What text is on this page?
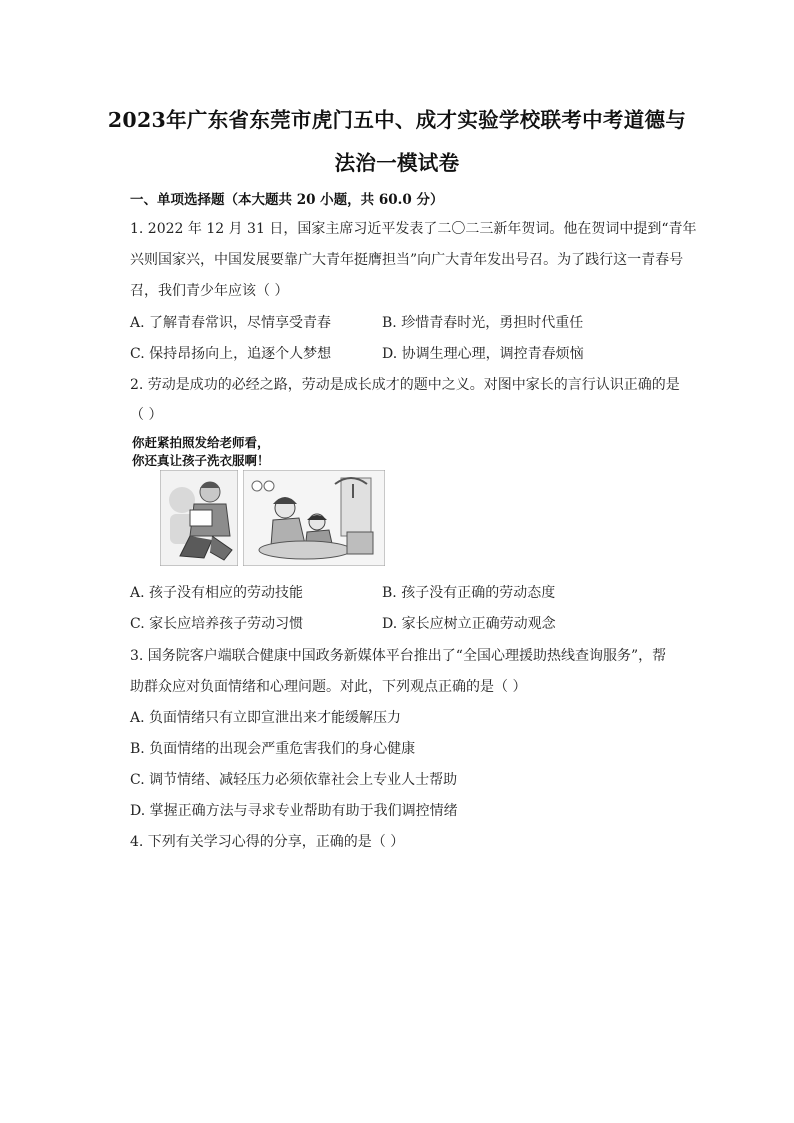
2023年广东省东莞市虎门五中、成才实验学校联考中考道德与
法治一模试卷
一、单项选择题（本大题共 20 小题，共 60.0 分）
1. 2022 年 12 月 31 日，国家主席习近平发表了二〇二三新年贺词。他在贺词中提到“青年
兴则国家兴，中国发展要靠广大青年挺膺担当”向广大青年发出号召。为了践行这一青春号
召，我们青少年应该（ ）
A. 了解青春常识，尽情享受青春	B. 珍惜青春时光，勇担时代重任
C. 保持昂扬向上，追逐个人梦想	D. 协调生理心理，调控青春烦恼
2. 劳动是成功的必经之路，劳动是成长成才的题中之义。对图中家长的言行认识正确的是
（ ）
你赶紧拍照发给老师看，
你还真让孩子洗衣服啊！
A. 孩子没有相应的劳动技能	B. 孩子没有正确的劳动态度
C. 家长应培养孩子劳动习惯	D. 家长应树立正确劳动观念
3. 国务院客户端联合健康中国政务新媒体平台推出了“全国心理援助热线查询服务”，帮
助群众应对负面情绪和心理问题。对此，下列观点正确的是（ ）
A. 负面情绪只有立即宣泄出来才能缓解压力
B. 负面情绪的出现会严重危害我们的身心健康
C. 调节情绪、减轻压力必须依靠社会上专业人士帮助
D. 掌握正确方法与寻求专业帮助有助于我们调控情绪
4. 下列有关学习心得的分享，正确的是（ ）
